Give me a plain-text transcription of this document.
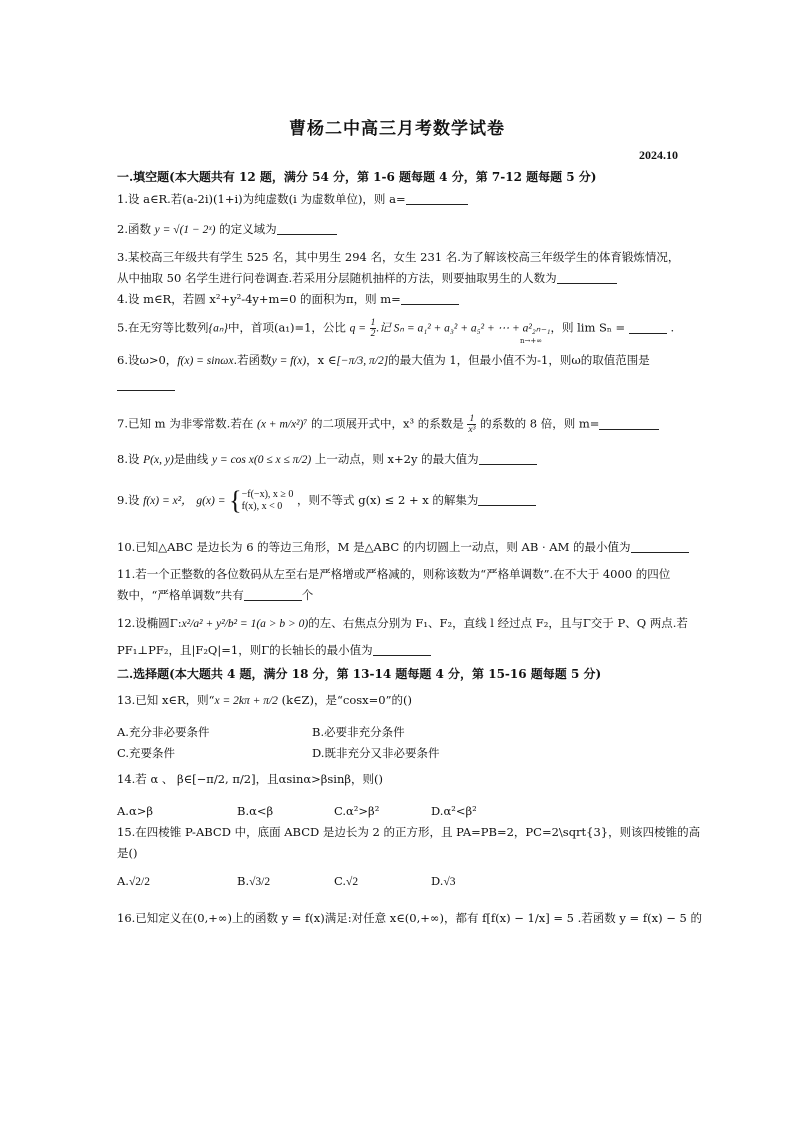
曹杨二中高三月考数学试卷
2024.10
一.填空题(本大题共有 12 题，满分 54 分，第 1-6 题每题 4 分，第 7-12 题每题 5 分)
1.设 a∈R.若(a-2i)(1+i)为纯虚数(i 为虚数单位)，则 a=
2.函数 y = √(1 − 2ˣ) 的定义域为
3.某校高三年级共有学生 525 名，其中男生 294 名，女生 231 名.为了解该校高三年级学生的体育锻炼情况，
从中抽取 50 名学生进行问卷调查.若采用分层随机抽样的方法，则要抽取男生的人数为
4.设 m∈R，若圆 x²+y²-4y+m=0 的面积为π，则 m=
5.在无穷等比数列{aₙ}中，首项(a₁)=1，公比 $q = \frac{1}{2}$ .记 Sₙ = a₁² + a₃² + a₅² + ⋯ + a²₂ₙ₋₁，则 lim Sₙ =	.
n→+∞
6.设ω>0，f(x) = sinωx.若函数y = f(x)，x ∈[−π/3, π/2]的最大值为 1，但最小值不为-1，则ω的取值范围是
7.已知 m 为非零常数.若在 (x + m/x²)⁷ 的二项展开式中，x³ 的系数是 $\frac{1}{\text{x³}}$ 的系数的 8 倍，则 m=
8.设 P(x, y)是曲线 y = cos x(0 ≤ x ≤ π/2) 上一动点，则 x+2y 的最大值为
9.设 f(x) = x²， g(x) = { −f(−x), x ≥ 0
f(x), x < 0	，则不等式 g(x) ≤ 2 + x 的解集为
10.已知△ABC 是边长为 6 的等边三角形，M 是△ABC 的内切圆上一动点，则 AB · AM 的最小值为
11.若一个正整数的各位数码从左至右是严格增或严格减的，则称该数为“严格单调数”.在不大于 4000 的四位
数中，“严格单调数”共有	个
12.设椭圆Γ:x²/a² + y²/b² = 1(a > b > 0)的左、右焦点分别为 F₁、F₂，直线 l 经过点 F₂，且与Γ交于 P、Q 两点.若
PF₁⊥PF₂，且|F₂Q|=1，则Γ的长轴长的最小值为
二.选择题(本大题共 4 题，满分 18 分，第 13-14 题每题 4 分，第 15-16 题每题 5 分)
13.已知 x∈R，则“x = 2kπ + π/2 (k∈Z)，是“cosx=0”的()
A.充分非必要条件	B.必要非充分条件
C.充要条件	D.既非充分又非必要条件
14.若 α 、 β∈[−π/2, π/2]，且αsinα>βsinβ，则()
A.α>β	B.α<β	C.α²>β²	D.α²<β²
15.在四棱锥 P-ABCD 中，底面 ABCD 是边长为 2 的正方形，且 PA=PB=2，PC=2\sqrt{3}，则该四棱锥的高
是()
A.√2/2	B.√3/2	C.√2	D.√3
16.已知定义在(0,+∞)上的函数 y = f(x)满足:对任意 x∈(0,+∞)，都有 f[f(x) − 1/x] = 5 .若函数 y = f(x) − 5 的
